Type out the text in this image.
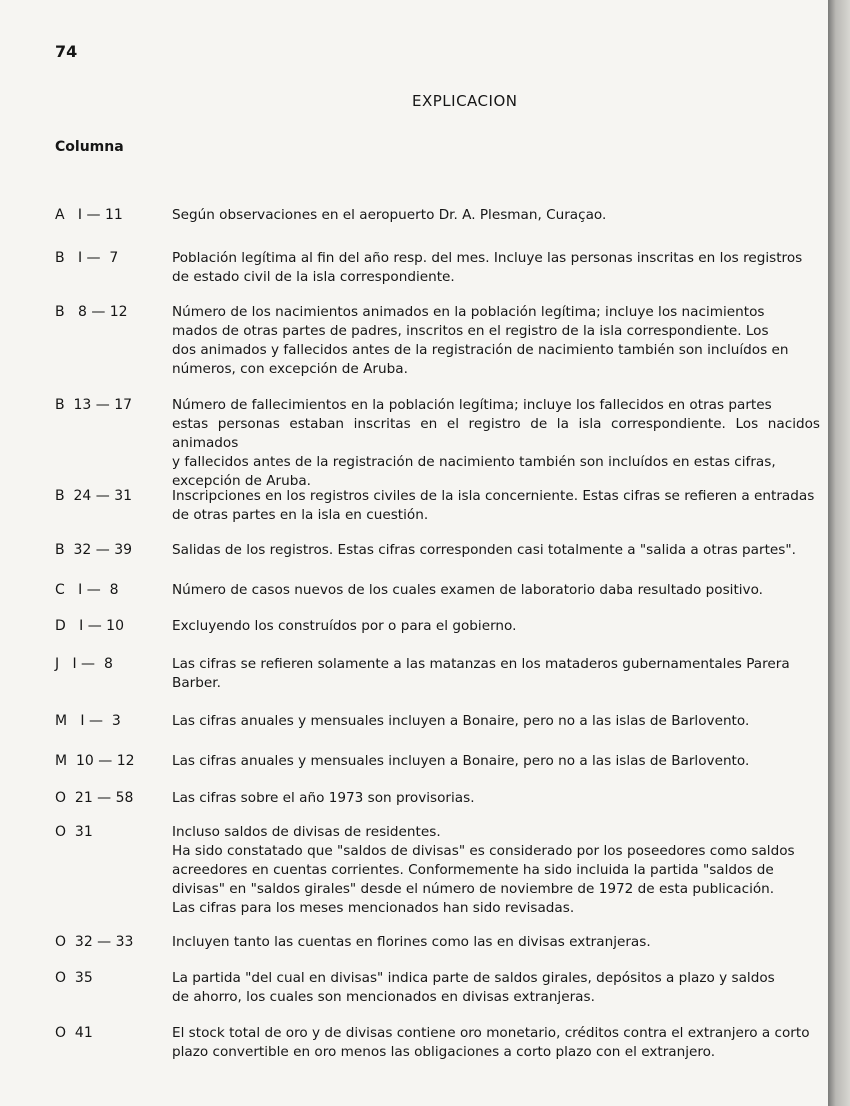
74
EXPLICACION
Columna
A   I — 11	Según observaciones en el aeropuerto Dr. A. Plesman, Curaçao.
B   I —  7	Población legítima al fin del año resp. del mes. Incluye las personas inscritas en los registros
de estado civil de la isla correspondiente.
B   8 — 12	Número de los nacimientos animados en la población legítima; incluye los nacimientos
mados de otras partes de padres, inscritos en el registro de la isla correspondiente. Los
dos animados y fallecidos antes de la registración de nacimiento también son incluídos en
números, con excepción de Aruba.
B  13 — 17	Número de fallecimientos en la población legítima; incluye los fallecidos en otras partes
estas personas estaban inscritas en el registro de la isla correspondiente. Los nacidos animados
y fallecidos antes de la registración de nacimiento también son incluídos en estas cifras,
excepción de Aruba.
B  24 — 31	Inscripciones en los registros civiles de la isla concerniente. Estas cifras se refieren a entradas
de otras partes en la isla en cuestión.
B  32 — 39	Salidas de los registros. Estas cifras corresponden casi totalmente a "salida a otras partes".
C   I —  8	Número de casos nuevos de los cuales examen de laboratorio daba resultado positivo.
D   I — 10	Excluyendo los construídos por o para el gobierno.
J   I —  8	Las cifras se refieren solamente a las matanzas en los mataderos gubernamentales Parera
Barber.
M   I —  3	Las cifras anuales y mensuales incluyen a Bonaire, pero no a las islas de Barlovento.
M  10 — 12	Las cifras anuales y mensuales incluyen a Bonaire, pero no a las islas de Barlovento.
O  21 — 58	Las cifras sobre el año 1973 son provisorias.
O  31	Incluso saldos de divisas de residentes.
Ha sido constatado que "saldos de divisas" es considerado por los poseedores como saldos
acreedores en cuentas corrientes. Conformemente ha sido incluida la partida "saldos de
divisas" en "saldos girales" desde el número de noviembre de 1972 de esta publicación.
Las cifras para los meses mencionados han sido revisadas.
O  32 — 33	Incluyen tanto las cuentas en florines como las en divisas extranjeras.
O  35	La partida "del cual en divisas" indica parte de saldos girales, depósitos a plazo y saldos
de ahorro, los cuales son mencionados en divisas extranjeras.
O  41	El stock total de oro y de divisas contiene oro monetario, créditos contra el extranjero a corto
plazo convertible en oro menos las obligaciones a corto plazo con el extranjero.
